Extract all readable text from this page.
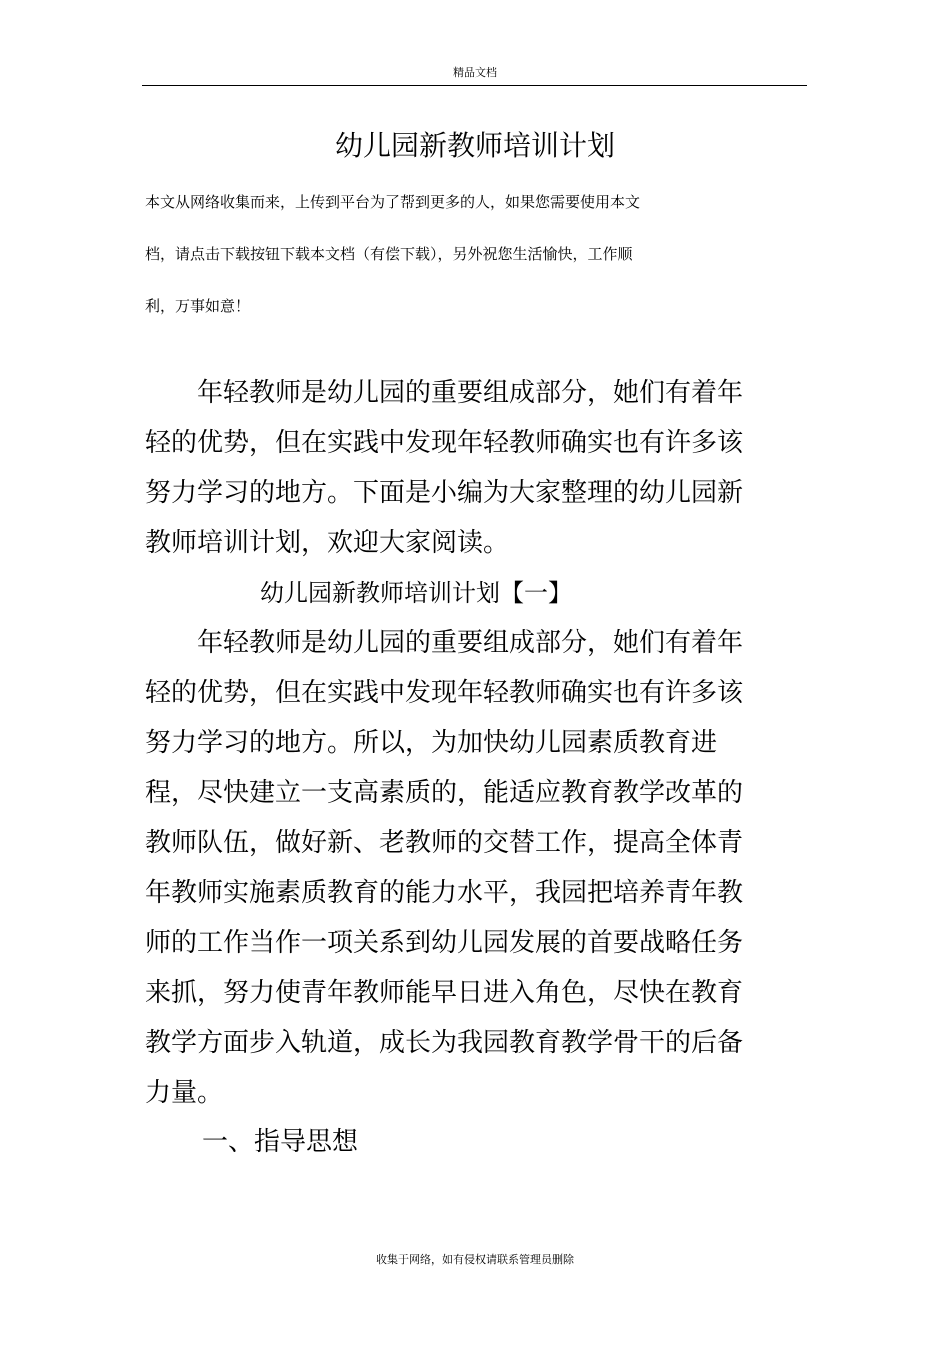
精品文档
幼儿园新教师培训计划
本文从网络收集而来，上传到平台为了帮到更多的人，如果您需要使用本文
档，请点击下载按钮下载本文档（有偿下载），另外祝您生活愉快，工作顺
利，万事如意！
　　年轻教师是幼儿园的重要组成部分，她们有着年
轻的优势，但在实践中发现年轻教师确实也有许多该
努力学习的地方。下面是小编为大家整理的幼儿园新
教师培训计划，欢迎大家阅读。
幼儿园新教师培训计划【一】
　　年轻教师是幼儿园的重要组成部分，她们有着年
轻的优势，但在实践中发现年轻教师确实也有许多该
努力学习的地方。所以，为加快幼儿园素质教育进
程，尽快建立一支高素质的，能适应教育教学改革的
教师队伍，做好新、老教师的交替工作，提高全体青
年教师实施素质教育的能力水平，我园把培养青年教
师的工作当作一项关系到幼儿园发展的首要战略任务
来抓，努力使青年教师能早日进入角色，尽快在教育
教学方面步入轨道，成长为我园教育教学骨干的后备
力量。
一、指导思想
收集于网络，如有侵权请联系管理员删除
